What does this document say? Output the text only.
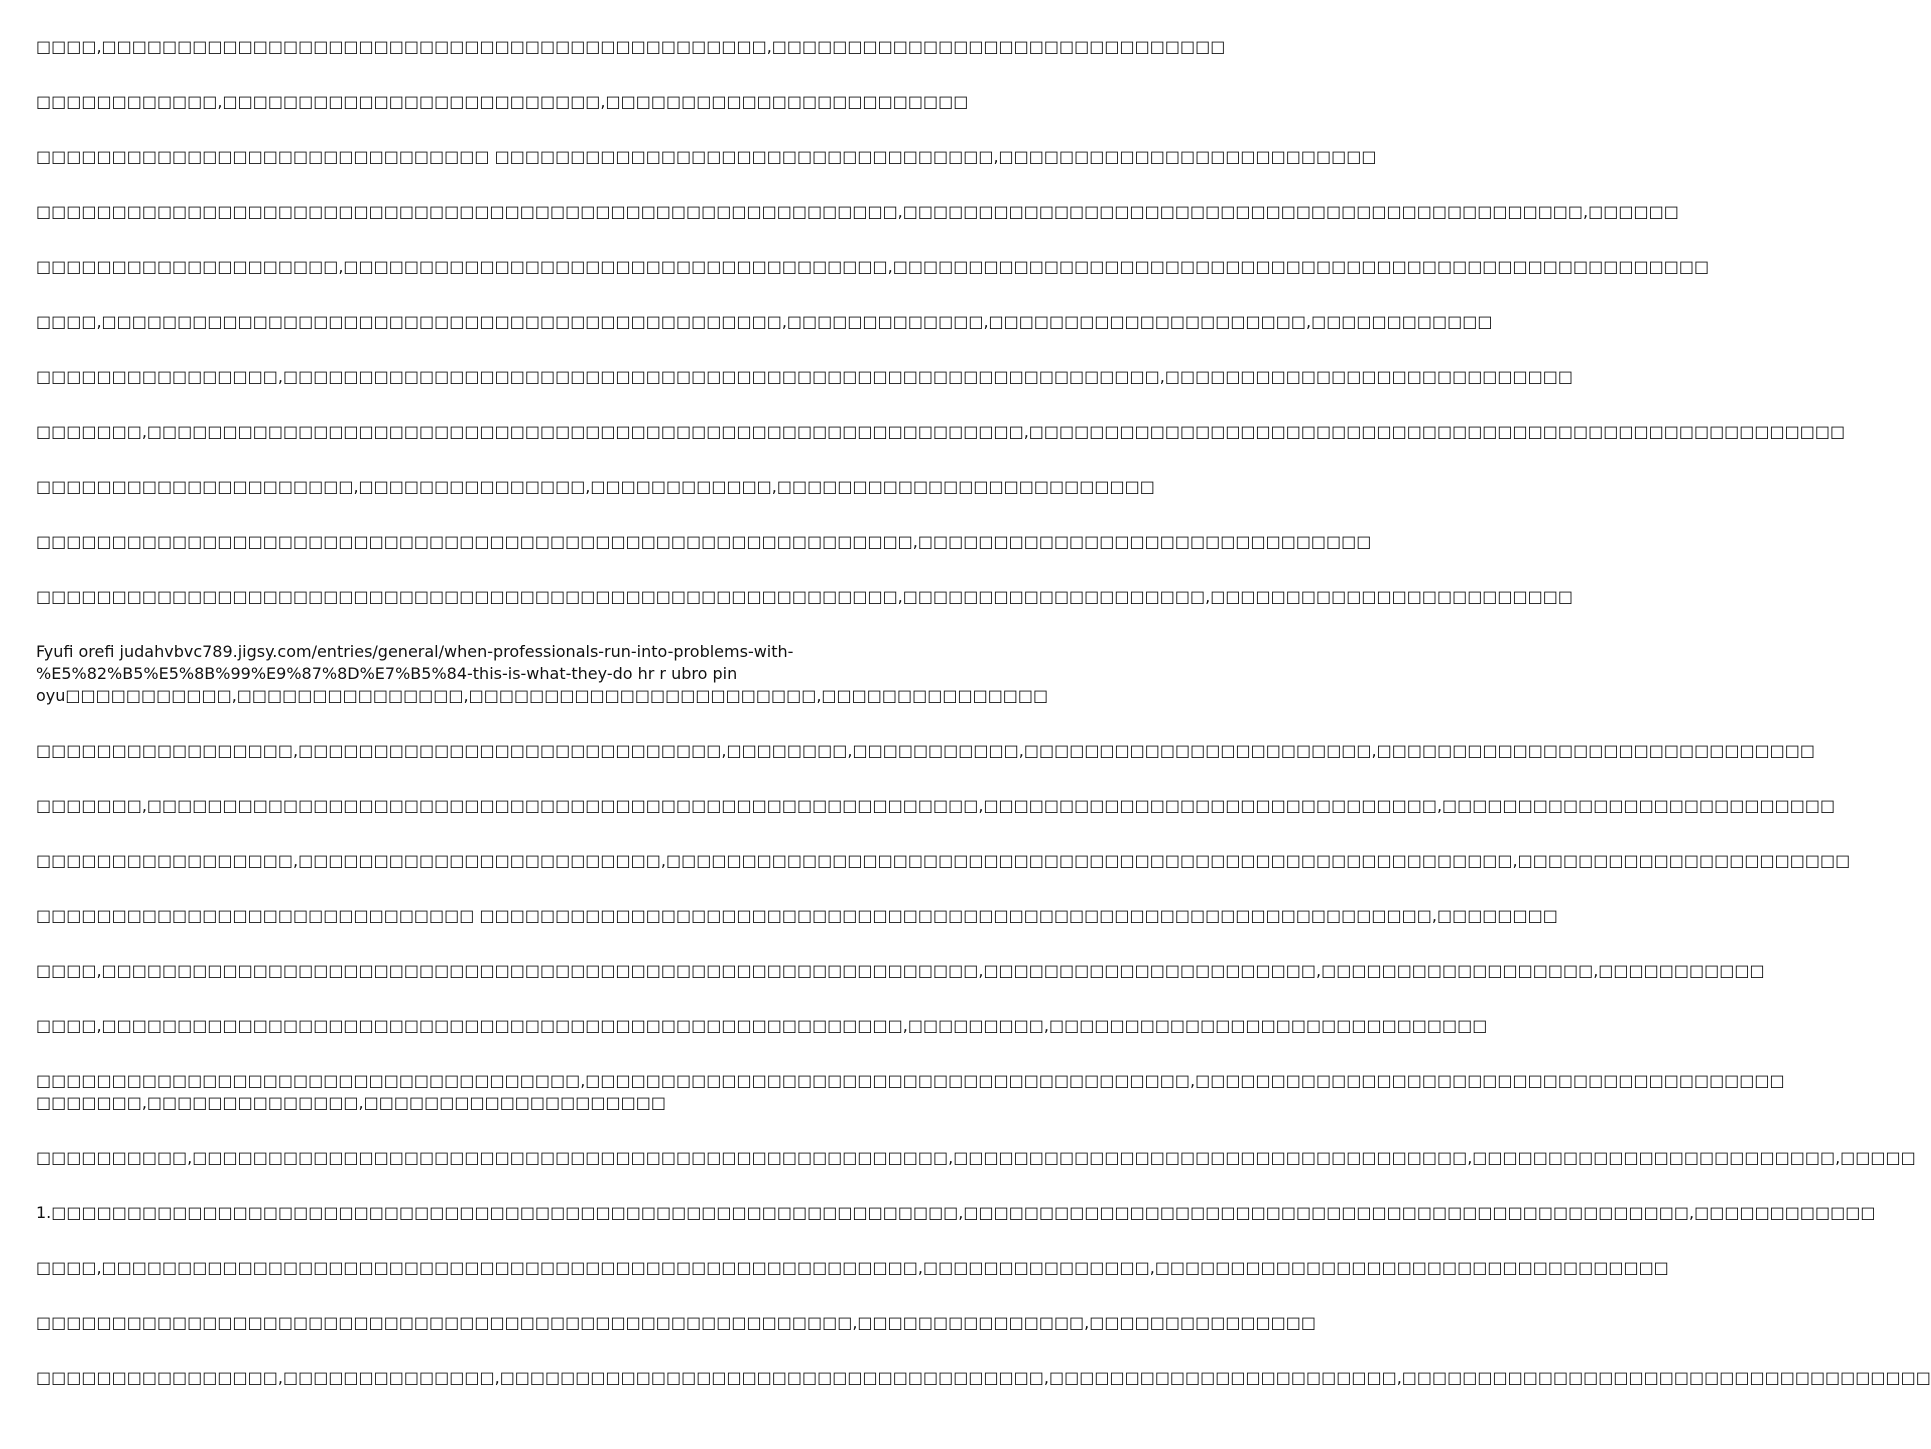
□□□□,□□□□□□□□□□□□□□□□□□□□□□□□□□□□□□□□□□□□□□□□□□□□,□□□□□□□□□□□□□□□□□□□□□□□□□□□□□□

□□□□□□□□□□□□,□□□□□□□□□□□□□□□□□□□□□□□□□,□□□□□□□□□□□□□□□□□□□□□□□□

□□□□□□□□□□□□□□□□□□□□□□□□□□□□□□ □□□□□□□□□□□□□□□□□□□□□□□□□□□□□□□□□,□□□□□□□□□□□□□□□□□□□□□□□□□

□□□□□□□□□□□□□□□□□□□□□□□□□□□□□□□□□□□□□□□□□□□□□□□□□□□□□□□□□,□□□□□□□□□□□□□□□□□□□□□□□□□□□□□□□□□□□□□□□□□□□□□,□□□□□□

□□□□□□□□□□□□□□□□□□□□,□□□□□□□□□□□□□□□□□□□□□□□□□□□□□□□□□□□□,□□□□□□□□□□□□□□□□□□□□□□□□□□□□□□□□□□□□□□□□□□□□□□□□□□□□□□

□□□□,□□□□□□□□□□□□□□□□□□□□□□□□□□□□□□□□□□□□□□□□□□□□□,□□□□□□□□□□□□□,□□□□□□□□□□□□□□□□□□□□□,□□□□□□□□□□□□

□□□□□□□□□□□□□□□□,□□□□□□□□□□□□□□□□□□□□□□□□□□□□□□□□□□□□□□□□□□□□□□□□□□□□□□□□□□,□□□□□□□□□□□□□□□□□□□□□□□□□□□

□□□□□□□,□□□□□□□□□□□□□□□□□□□□□□□□□□□□□□□□□□□□□□□□□□□□□□□□□□□□□□□□□□,□□□□□□□□□□□□□□□□□□□□□□□□□□□□□□□□□□□□□□□□□□□□□□□□□□□□□□

□□□□□□□□□□□□□□□□□□□□□,□□□□□□□□□□□□□□□,□□□□□□□□□□□□,□□□□□□□□□□□□□□□□□□□□□□□□□

□□□□□□□□□□□□□□□□□□□□□□□□□□□□□□□□□□□□□□□□□□□□□□□□□□□□□□□□□□,□□□□□□□□□□□□□□□□□□□□□□□□□□□□□□

□□□□□□□□□□□□□□□□□□□□□□□□□□□□□□□□□□□□□□□□□□□□□□□□□□□□□□□□□,□□□□□□□□□□□□□□□□□□□□,□□□□□□□□□□□□□□□□□□□□□□□□

Fyufi orefi judahvbvc789.jigsy.com/entries/general/when-professionals-run-into-problems-with-%E5%82%B5%E5%8B%99%E9%87%8D%E7%B5%84-this-is-what-they-do hr r ubro pin oyu□□□□□□□□□□□,□□□□□□□□□□□□□□□,□□□□□□□□□□□□□□□□□□□□□□□,□□□□□□□□□□□□□□□

□□□□□□□□□□□□□□□□□,□□□□□□□□□□□□□□□□□□□□□□□□□□□□,□□□□□□□□,□□□□□□□□□□□,□□□□□□□□□□□□□□□□□□□□□□□,□□□□□□□□□□□□□□□□□□□□□□□□□□□□□

□□□□□□□,□□□□□□□□□□□□□□□□□□□□□□□□□□□□□□□□□□□□□□□□□□□□□□□□□□□□□□□,□□□□□□□□□□□□□□□□□□□□□□□□□□□□□□,□□□□□□□□□□□□□□□□□□□□□□□□□□

□□□□□□□□□□□□□□□□□,□□□□□□□□□□□□□□□□□□□□□□□□,□□□□□□□□□□□□□□□□□□□□□□□□□□□□□□□□□□□□□□□□□□□□□□□□□□□□□□□□,□□□□□□□□□□□□□□□□□□□□□□

□□□□□□□□□□□□□□□□□□□□□□□□□□□□□ □□□□□□□□□□□□□□□□□□□□□□□□□□□□□□□□□□□□□□□□□□□□□□□□□□□□□□□□□□□□□□□,□□□□□□□□

□□□□,□□□□□□□□□□□□□□□□□□□□□□□□□□□□□□□□□□□□□□□□□□□□□□□□□□□□□□□□□□,□□□□□□□□□□□□□□□□□□□□□□,□□□□□□□□□□□□□□□□□□,□□□□□□□□□□□

□□□□,□□□□□□□□□□□□□□□□□□□□□□□□□□□□□□□□□□□□□□□□□□□□□□□□□□□□□,□□□□□□□□□,□□□□□□□□□□□□□□□□□□□□□□□□□□□□□

□□□□□□□□□□□□□□□□□□□□□□□□□□□□□□□□□□□□,□□□□□□□□□□□□□□□□□□□□□□□□□□□□□□□□□□□□□□□□,□□□□□□□□□□□□□□□□□□□□□□□□□□□□□□□□□□□□□□□ □□□□□□□,□□□□□□□□□□□□□□,□□□□□□□□□□□□□□□□□□□□

□□□□□□□□□□,□□□□□□□□□□□□□□□□□□□□□□□□□□□□□□□□□□□□□□□□□□□□□□□□□□,□□□□□□□□□□□□□□□□□□□□□□□□□□□□□□□□□□,□□□□□□□□□□□□□□□□□□□□□□□□,□□□□□

1.□□□□□□□□□□□□□□□□□□□□□□□□□□□□□□□□□□□□□□□□□□□□□□□□□□□□□□□□□□□□,□□□□□□□□□□□□□□□□□□□□□□□□□□□□□□□□□□□□□□□□□□□□□□□□,□□□□□□□□□□□□

□□□□,□□□□□□□□□□□□□□□□□□□□□□□□□□□□□□□□□□□□□□□□□□□□□□□□□□□□□□,□□□□□□□□□□□□□□□,□□□□□□□□□□□□□□□□□□□□□□□□□□□□□□□□□□

□□□□□□□□□□□□□□□□□□□□□□□□□□□□□□□□□□□□□□□□□□□□□□□□□□□□□□,□□□□□□□□□□□□□□□,□□□□□□□□□□□□□□□

□□□□□□□□□□□□□□□□,□□□□□□□□□□□□□□,□□□□□□□□□□□□□□□□□□□□□□□□□□□□□□□□□□□□,□□□□□□□□□□□□□□□□□□□□□□□,□□□□□□□□□□□□□□□□□□□□□□□□□□□□□□□□□□□
